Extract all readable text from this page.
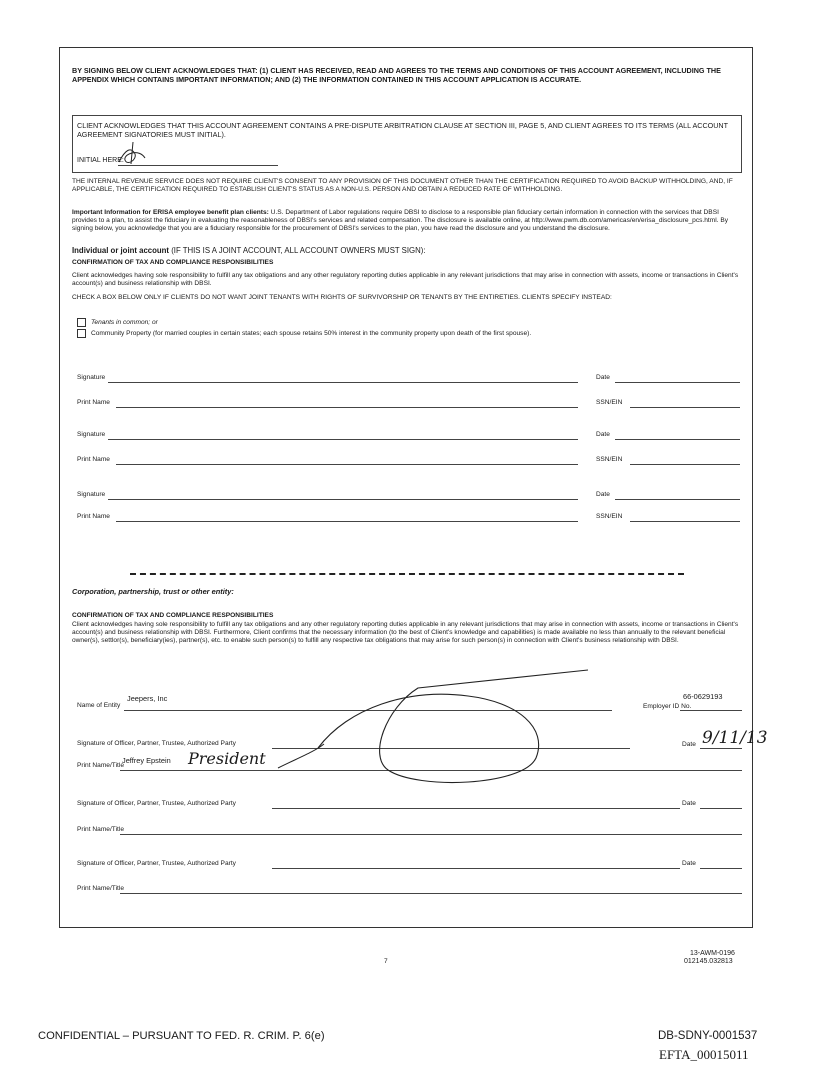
BY SIGNING BELOW CLIENT ACKNOWLEDGES THAT: (1) CLIENT HAS RECEIVED, READ AND AGREES TO THE TERMS AND CONDITIONS OF THIS ACCOUNT AGREEMENT, INCLUDING THE APPENDIX WHICH CONTAINS IMPORTANT INFORMATION; AND (2) THE INFORMATION CONTAINED IN THIS ACCOUNT APPLICATION IS ACCURATE.
CLIENT ACKNOWLEDGES THAT THIS ACCOUNT AGREEMENT CONTAINS A PRE-DISPUTE ARBITRATION CLAUSE AT SECTION III, PAGE 5, AND CLIENT AGREES TO ITS TERMS (ALL ACCOUNT AGREEMENT SIGNATORIES MUST INITIAL).
INITIAL HERE:
THE INTERNAL REVENUE SERVICE DOES NOT REQUIRE CLIENT'S CONSENT TO ANY PROVISION OF THIS DOCUMENT OTHER THAN THE CERTIFICATION REQUIRED TO AVOID BACKUP WITHHOLDING, AND, IF APPLICABLE, THE CERTIFICATION REQUIRED TO ESTABLISH CLIENT'S STATUS AS A NON-U.S. PERSON AND OBTAIN A REDUCED RATE OF WITHHOLDING.
Important Information for ERISA employee benefit plan clients: U.S. Department of Labor regulations require DBSI to disclose to a responsible plan fiduciary certain information in connection with the services that DBSI provides to a plan, to assist the fiduciary in evaluating the reasonableness of DBSI's services and related compensation. The disclosure is available online, at http://www.pwm.db.com/americas/en/erisa_disclosure_pcs.html. By signing below, you acknowledge that you are a fiduciary responsible for the procurement of DBSI's services to the plan, you have read the disclosure and you understand the disclosure.
Individual or joint account (IF THIS IS A JOINT ACCOUNT, ALL ACCOUNT OWNERS MUST SIGN):
CONFIRMATION OF TAX AND COMPLIANCE RESPONSIBILITIES
Client acknowledges having sole responsibility to fulfill any tax obligations and any other regulatory reporting duties applicable in any relevant jurisdictions that may arise in connection with assets, income or transactions in Client's account(s) and business relationship with DBSI.
CHECK A BOX BELOW ONLY IF CLIENTS DO NOT WANT JOINT TENANTS WITH RIGHTS OF SURVIVORSHIP OR TENANTS BY THE ENTIRETIES. CLIENTS SPECIFY INSTEAD:
Tenants in common; or
Community Property (for married couples in certain states; each spouse retains 50% interest in the community property upon death of the first spouse).
Signature	Date
Print Name	SSN/EIN
Signature	Date
Print Name	SSN/EIN
Signature	Date
Print Name	SSN/EIN
Corporation, partnership, trust or other entity:
CONFIRMATION OF TAX AND COMPLIANCE RESPONSIBILITIES
Client acknowledges having sole responsibility to fulfill any tax obligations and any other regulatory reporting duties applicable in any relevant jurisdictions that may arise in connection with assets, income or transactions in Client's account(s) and business relationship with DBSI. Furthermore, Client confirms that the necessary information (to the best of Client's knowledge and capabilities) is made available no less than annually to the relevant beneficial owner(s), settlor(s), beneficiary(ies), partner(s), etc. to enable such person(s) to fulfill any respective tax obligations that may arise for such person(s) in connection with Client's business relationship with DBSI.
Name of Entity
Jeepers, Inc
Employer ID No.
66-0629193
Signature of Officer, Partner, Trustee, Authorized Party	Date 9/11/13
Print Name/Title
Jeffrey Epstein President
Signature of Officer, Partner, Trustee, Authorized Party	Date
Print Name/Title
Signature of Officer, Partner, Trustee, Authorized Party	Date
Print Name/Title
7
13-AWM-0196
012145.032813
CONFIDENTIAL – PURSUANT TO FED. R. CRIM. P. 6(e)	DB-SDNY-0001537
EFTA_00015011
